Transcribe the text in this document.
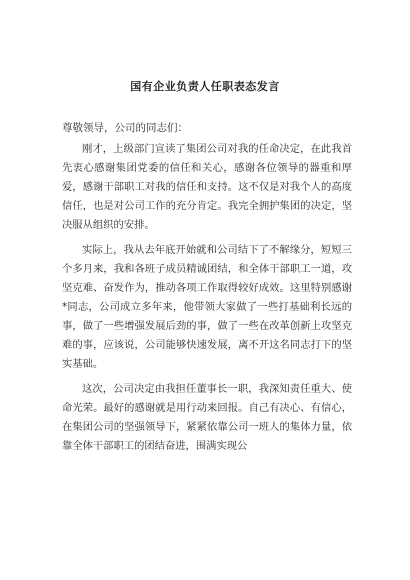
国有企业负责人任职表态发言
尊敬领导，公司的同志们：

刚才，上级部门宣读了集团公司对我的任命决定，在此我首先衷心感谢集团党委的信任和关心，感谢各位领导的器重和厚爱，感谢干部职工对我的信任和支持。这不仅是对我个人的高度信任，也是对公司工作的充分肯定。我完全拥护集团的决定，坚决服从组织的安排。

实际上，我从去年底开始就和公司结下了不解缘分，短短三个多月来，我和各班子成员精诚团结，和全体干部职工一道，攻坚克难、奋发作为，推动各项工作取得较好成效。这里特别感谢*同志，公司成立多年来，他带领大家做了一些打基础利长远的事，做了一些增强发展后劲的事，做了一些在改革创新上攻坚克难的事，应该说，公司能够快速发展，离不开这名同志打下的坚实基础。

这次，公司决定由我担任董事长一职，我深知责任重大、使命光荣。最好的感谢就是用行动来回报。自己有决心、有信心，在集团公司的坚强领导下，紧紧依靠公司一班人的集体力量，依靠全体干部职工的团结奋进，围满实现公
